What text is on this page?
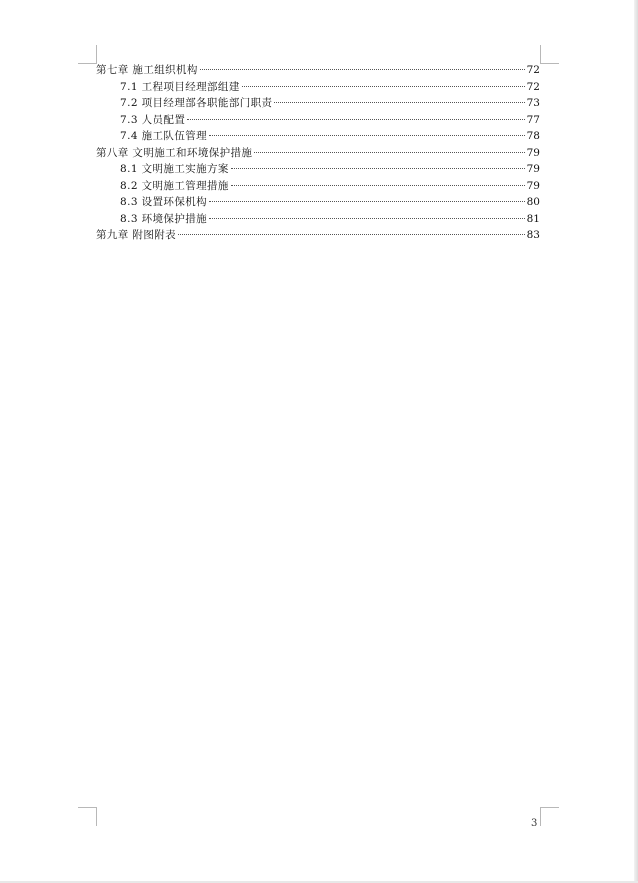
第七章 施工组织机构	72
7.1 工程项目经理部组建	72
7.2 项目经理部各职能部门职责	73
7.3 人员配置	77
7.4 施工队伍管理	78
第八章 文明施工和环境保护措施	79
8.1 文明施工实施方案	79
8.2 文明施工管理措施	79
8.3 设置环保机构	80
8.3 环境保护措施	81
第九章 附图附表	83
3
